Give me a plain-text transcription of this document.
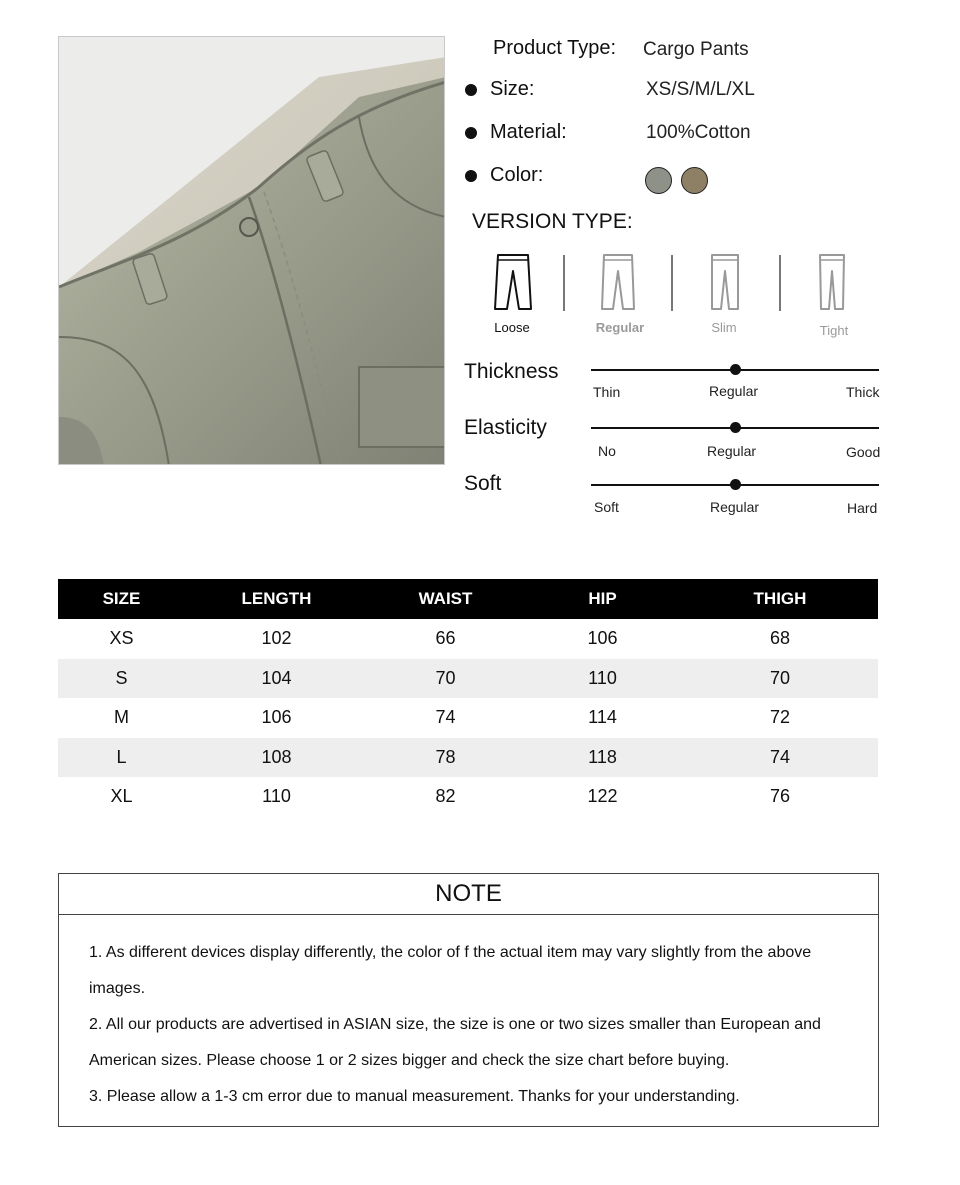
Product Type: Cargo Pants
Size:	XS/S/M/L/XL
Material:	100%Cotton
Color:
VERSION TYPE:
Loose	Regular	Slim	Tight
Thickness
Thin	Regular	Thick
Elasticity
No	Regular	Good
Soft
Soft	Regular	Hard
SIZE	LENGTH	WAIST	HIP	THIGH
XS	102	66	106	68
S	104	70	110	70
M	106	74	114	72
L	108	78	118	74
XL	110	82	122	76
NOTE

1. As different devices display differently, the color of f the actual item may vary slightly from the above images.

2. All our products are advertised in ASIAN size, the size is one or two sizes smaller than European and American sizes. Please choose 1 or 2 sizes bigger and check the size chart before buying.

3. Please allow a 1-3 cm error due to manual measurement. Thanks for your understanding.
